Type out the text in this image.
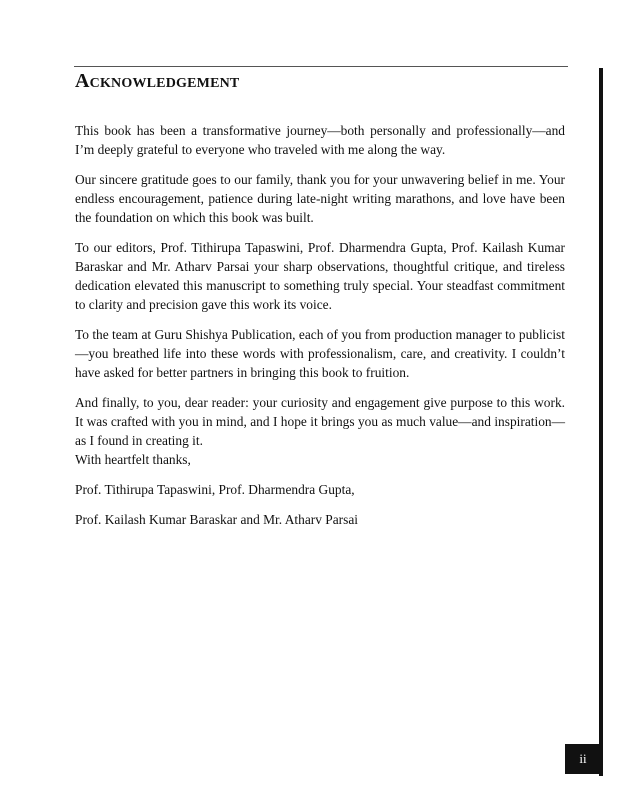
Acknowledgement

This book has been a transformative journey—both personally and professionally—and I’m deeply grateful to everyone who traveled with me along the way.

Our sincere gratitude goes to our family, thank you for your unwavering belief in me. Your endless encouragement, patience during late-night writing marathons, and love have been the foundation on which this book was built.

To our editors, Prof. Tithirupa Tapaswini, Prof. Dharmendra Gupta, Prof. Kailash Kumar Baraskar and Mr. Atharv Parsai your sharp observations, thoughtful critique, and tireless dedication elevated this manuscript to something truly special. Your steadfast commitment to clarity and precision gave this work its voice.

To the team at Guru Shishya Publication, each of you from production manager to publicist—you breathed life into these words with professionalism, care, and creativity. I couldn’t have asked for better partners in bringing this book to fruition.

And finally, to you, dear reader: your curiosity and engagement give purpose to this work. It was crafted with you in mind, and I hope it brings you as much value—and inspiration—as I found in creating it.

With heartfelt thanks,

Prof. Tithirupa Tapaswini, Prof. Dharmendra Gupta,

Prof. Kailash Kumar Baraskar and Mr. Atharv Parsai

ii
